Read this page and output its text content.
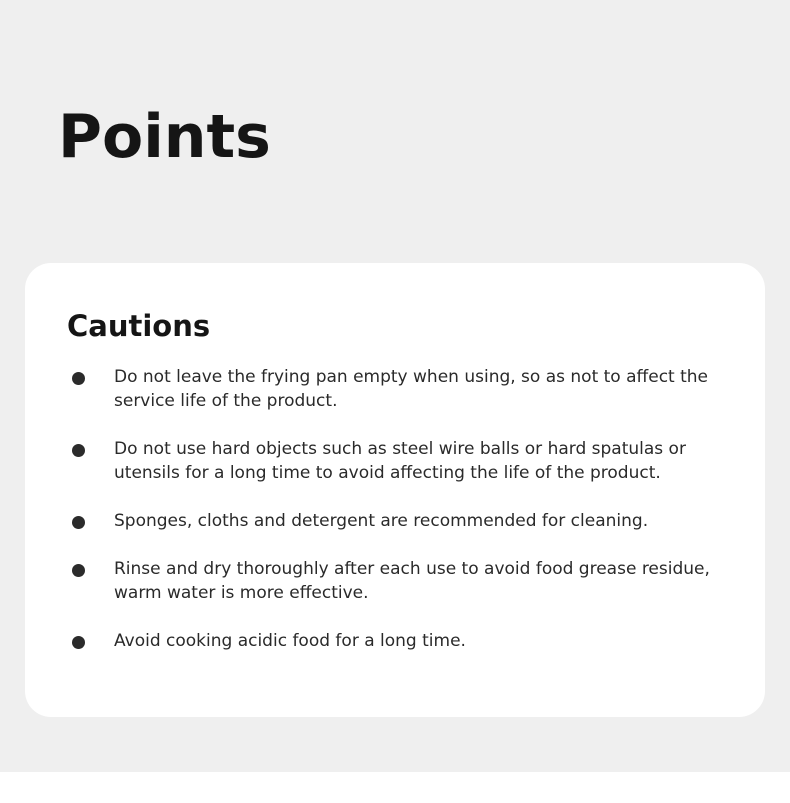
Points
Cautions
Do not leave the frying pan empty when using, so as not to affect the service life of the product.
Do not use hard objects such as steel wire balls or hard spatulas or utensils for a long time to avoid affecting the life of the product.
Sponges, cloths and detergent are recommended for cleaning.
Rinse and dry thoroughly after each use to avoid food grease residue, warm water is more effective.
Avoid cooking acidic food for a long time.
